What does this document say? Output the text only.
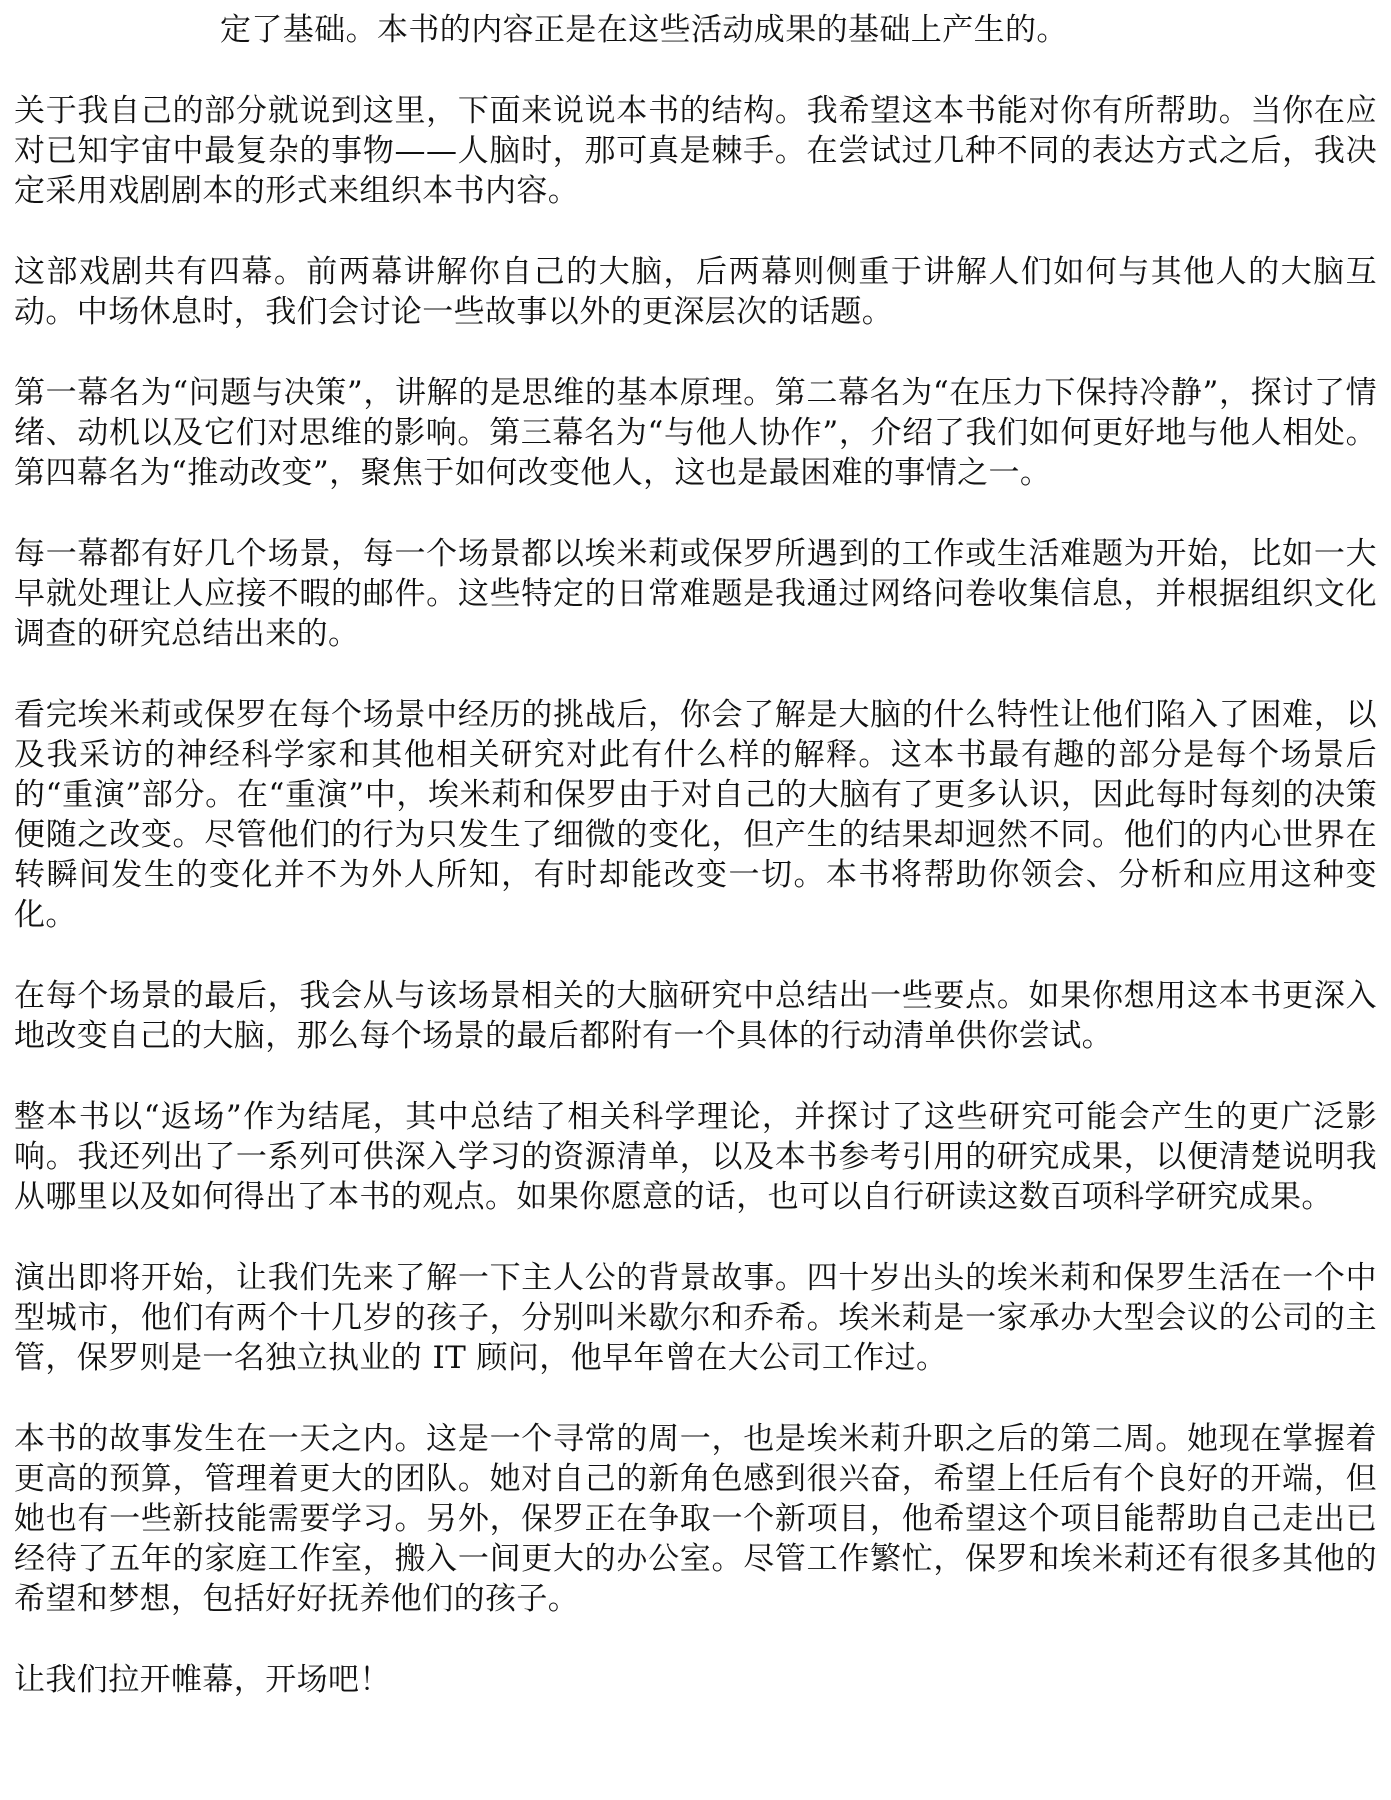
定了基础。本书的内容正是在这些活动成果的基础上产生的。

关于我自己的部分就说到这里，下面来说说本书的结构。我希望这本书能对你有所帮助。当你在应对已知宇宙中最复杂的事物——人脑时，那可真是棘手。在尝试过几种不同的表达方式之后，我决定采用戏剧剧本的形式来组织本书内容。

这部戏剧共有四幕。前两幕讲解你自己的大脑，后两幕则侧重于讲解人们如何与其他人的大脑互动。中场休息时，我们会讨论一些故事以外的更深层次的话题。

第一幕名为“问题与决策”，讲解的是思维的基本原理。第二幕名为“在压力下保持冷静”，探讨了情绪、动机以及它们对思维的影响。第三幕名为“与他人协作”，介绍了我们如何更好地与他人相处。第四幕名为“推动改变”，聚焦于如何改变他人，这也是最困难的事情之一。

每一幕都有好几个场景，每一个场景都以埃米莉或保罗所遇到的工作或生活难题为开始，比如一大早就处理让人应接不暇的邮件。这些特定的日常难题是我通过网络问卷收集信息，并根据组织文化调查的研究总结出来的。

看完埃米莉或保罗在每个场景中经历的挑战后，你会了解是大脑的什么特性让他们陷入了困难，以及我采访的神经科学家和其他相关研究对此有什么样的解释。这本书最有趣的部分是每个场景后的“重演”部分。在“重演”中，埃米莉和保罗由于对自己的大脑有了更多认识，因此每时每刻的决策便随之改变。尽管他们的行为只发生了细微的变化，但产生的结果却迥然不同。他们的内心世界在转瞬间发生的变化并不为外人所知，有时却能改变一切。本书将帮助你领会、分析和应用这种变化。

在每个场景的最后，我会从与该场景相关的大脑研究中总结出一些要点。如果你想用这本书更深入地改变自己的大脑，那么每个场景的最后都附有一个具体的行动清单供你尝试。

整本书以“返场”作为结尾，其中总结了相关科学理论，并探讨了这些研究可能会产生的更广泛影响。我还列出了一系列可供深入学习的资源清单，以及本书参考引用的研究成果，以便清楚说明我从哪里以及如何得出了本书的观点。如果你愿意的话，也可以自行研读这数百项科学研究成果。

演出即将开始，让我们先来了解一下主人公的背景故事。四十岁出头的埃米莉和保罗生活在一个中型城市，他们有两个十几岁的孩子，分别叫米歇尔和乔希。埃米莉是一家承办大型会议的公司的主管，保罗则是一名独立执业的 IT 顾问，他早年曾在大公司工作过。

本书的故事发生在一天之内。这是一个寻常的周一，也是埃米莉升职之后的第二周。她现在掌握着更高的预算，管理着更大的团队。她对自己的新角色感到很兴奋，希望上任后有个良好的开端，但她也有一些新技能需要学习。另外，保罗正在争取一个新项目，他希望这个项目能帮助自己走出已经待了五年的家庭工作室，搬入一间更大的办公室。尽管工作繁忙，保罗和埃米莉还有很多其他的希望和梦想，包括好好抚养他们的孩子。

让我们拉开帷幕，开场吧！
